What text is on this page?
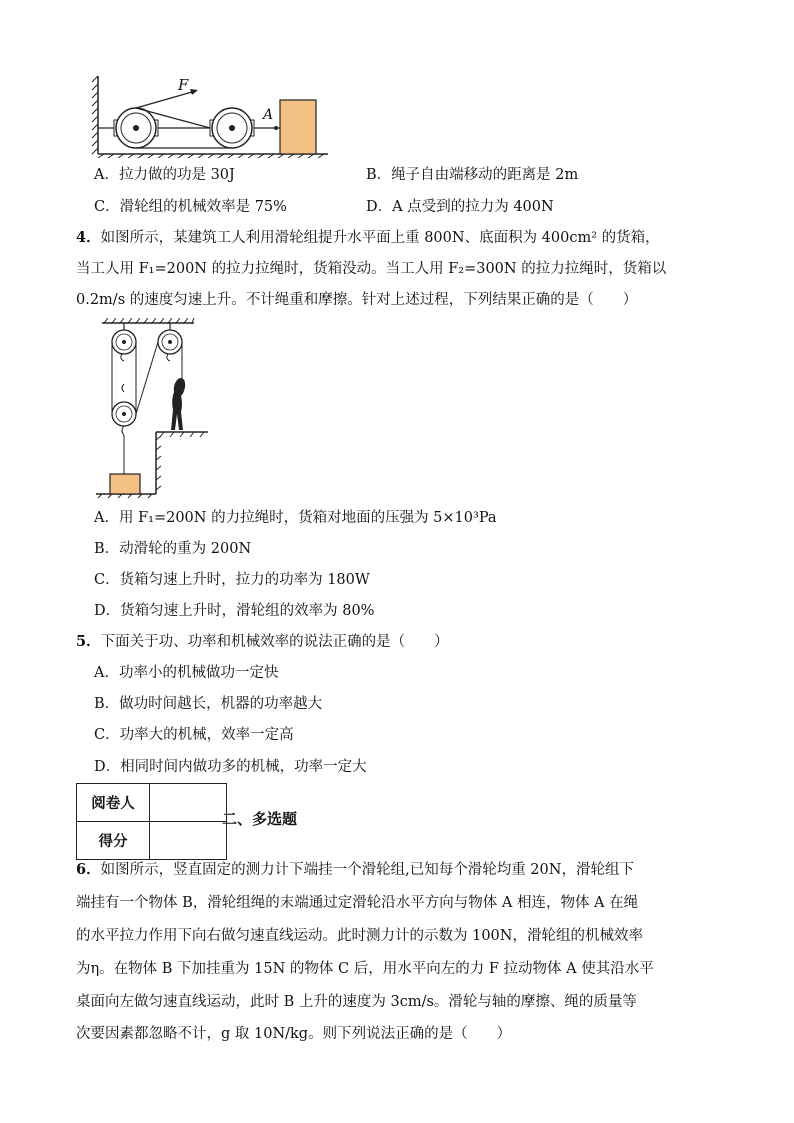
F
A
A．拉力做的功是 30J	B．绳子自由端移动的距离是 2m
C．滑轮组的机械效率是 75%	D．A 点受到的拉力为 400N
4．如图所示，某建筑工人利用滑轮组提升水平面上重 800N、底面积为 400cm² 的货箱，
当工人用 F₁=200N 的拉力拉绳时，货箱没动。当工人用 F₂=300N 的拉力拉绳时，货箱以
0.2m/s 的速度匀速上升。不计绳重和摩擦。针对上述过程，下列结果正确的是（　　）
A．用 F₁=200N 的力拉绳时，货箱对地面的压强为 5×10³Pa
B．动滑轮的重为 200N
C．货箱匀速上升时，拉力的功率为 180W
D．货箱匀速上升时，滑轮组的效率为 80%
5．下面关于功、功率和机械效率的说法正确的是（　　）
A．功率小的机械做功一定快
B．做功时间越长，机器的功率越大
C．功率大的机械，效率一定高
D．相同时间内做功多的机械，功率一定大
阅卷人	
得分	
二、多选题
6．如图所示，竖直固定的测力计下端挂一个滑轮组,已知每个滑轮均重 20N，滑轮组下
端挂有一个物体 B，滑轮组绳的末端通过定滑轮沿水平方向与物体 A 相连，物体 A 在绳
的水平拉力作用下向右做匀速直线运动。此时测力计的示数为 100N，滑轮组的机械效率
为η。在物体 B 下加挂重为 15N 的物体 C 后，用水平向左的力 F 拉动物体 A 使其沿水平
桌面向左做匀速直线运动，此时 B 上升的速度为 3cm/s。滑轮与轴的摩擦、绳的质量等
次要因素都忽略不计，g 取 10N/kg。则下列说法正确的是（　　）
